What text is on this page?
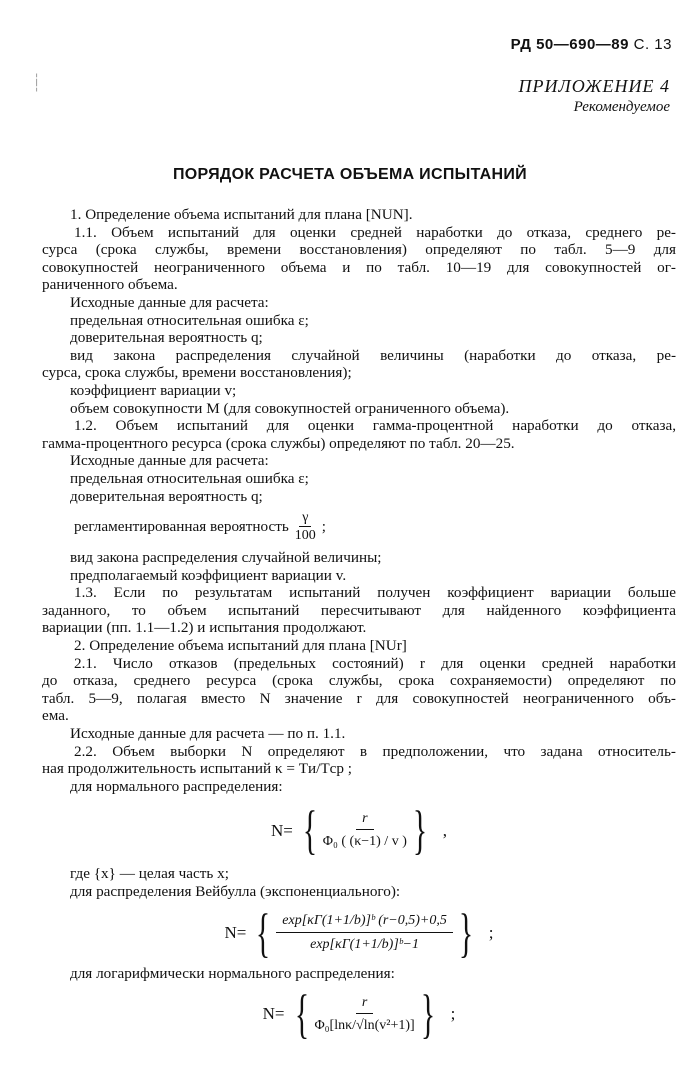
╎
╎
РД 50—690—89 С. 13
ПРИЛОЖЕНИЕ 4
Рекомендуемое
ПОРЯДОК РАСЧЕТА ОБЪЕМА ИСПЫТАНИЙ
1. Определение объема испытаний для плана [NUN].
1.1. Объем испытаний для оценки средней наработки до отказа, среднего ре-
сурса (срока службы, времени восстановления) определяют по табл. 5—9 для
совокупностей неограниченного объема и по табл. 10—19 для совокупностей ог-
раниченного объема.
Исходные данные для расчета:
предельная относительная ошибка ε;
доверительная вероятность q;
вид закона распределения случайной величины (наработки до отказа, ре-
сурса, срока службы, времени восстановления);
коэффициент вариации v;
объем совокупности M (для совокупностей ограниченного объема).
1.2. Объем испытаний для оценки гамма-процентной наработки до отказа,
гамма-процентного ресурса (срока службы) определяют по табл. 20—25.
Исходные данные для расчета:
предельная относительная ошибка ε;
доверительная вероятность q;
регламентированная вероятность $\frac{\gamma}{100}$ ;
вид закона распределения случайной величины;
предполагаемый коэффициент вариации v.
1.3. Если по результатам испытаний получен коэффициент вариации больше
заданного, то объем испытаний пересчитывают для найденного коэффициента
вариации (пп. 1.1—1.2) и испытания продолжают.
2. Определение объема испытаний для плана [NUr]
2.1. Число отказов (предельных состояний) r для оценки средней наработки
до отказа, среднего ресурса (срока службы, срока сохраняемости) определяют по
табл. 5—9, полагая вместо N значение r для совокупностей неограниченного объ-
ема.
Исходные данные для расчета — по п. 1.1.
2.2. Объем выборки N определяют в предположении, что задана относитель-
ная продолжительность испытаний κ = Tи/Tср ;
для нормального распределения:
N= { $\frac{r}{\text{Φ₀ ( (κ−1) / v )}}$ } ,
где {x} — целая часть x;
для распределения Вейбулла (экспоненциального):
N= { $\frac{\text{exp[κΓ(1+1/b)]ᵇ (r−0,5)+0,5}}{\text{exp[κΓ(1+1/b)]ᵇ−1}}$ } ;
для логарифмически нормального распределения:
N= { $\frac{r}{\text{Φ₀[lnκ/√ln(v²+1)]}}$ } ;
